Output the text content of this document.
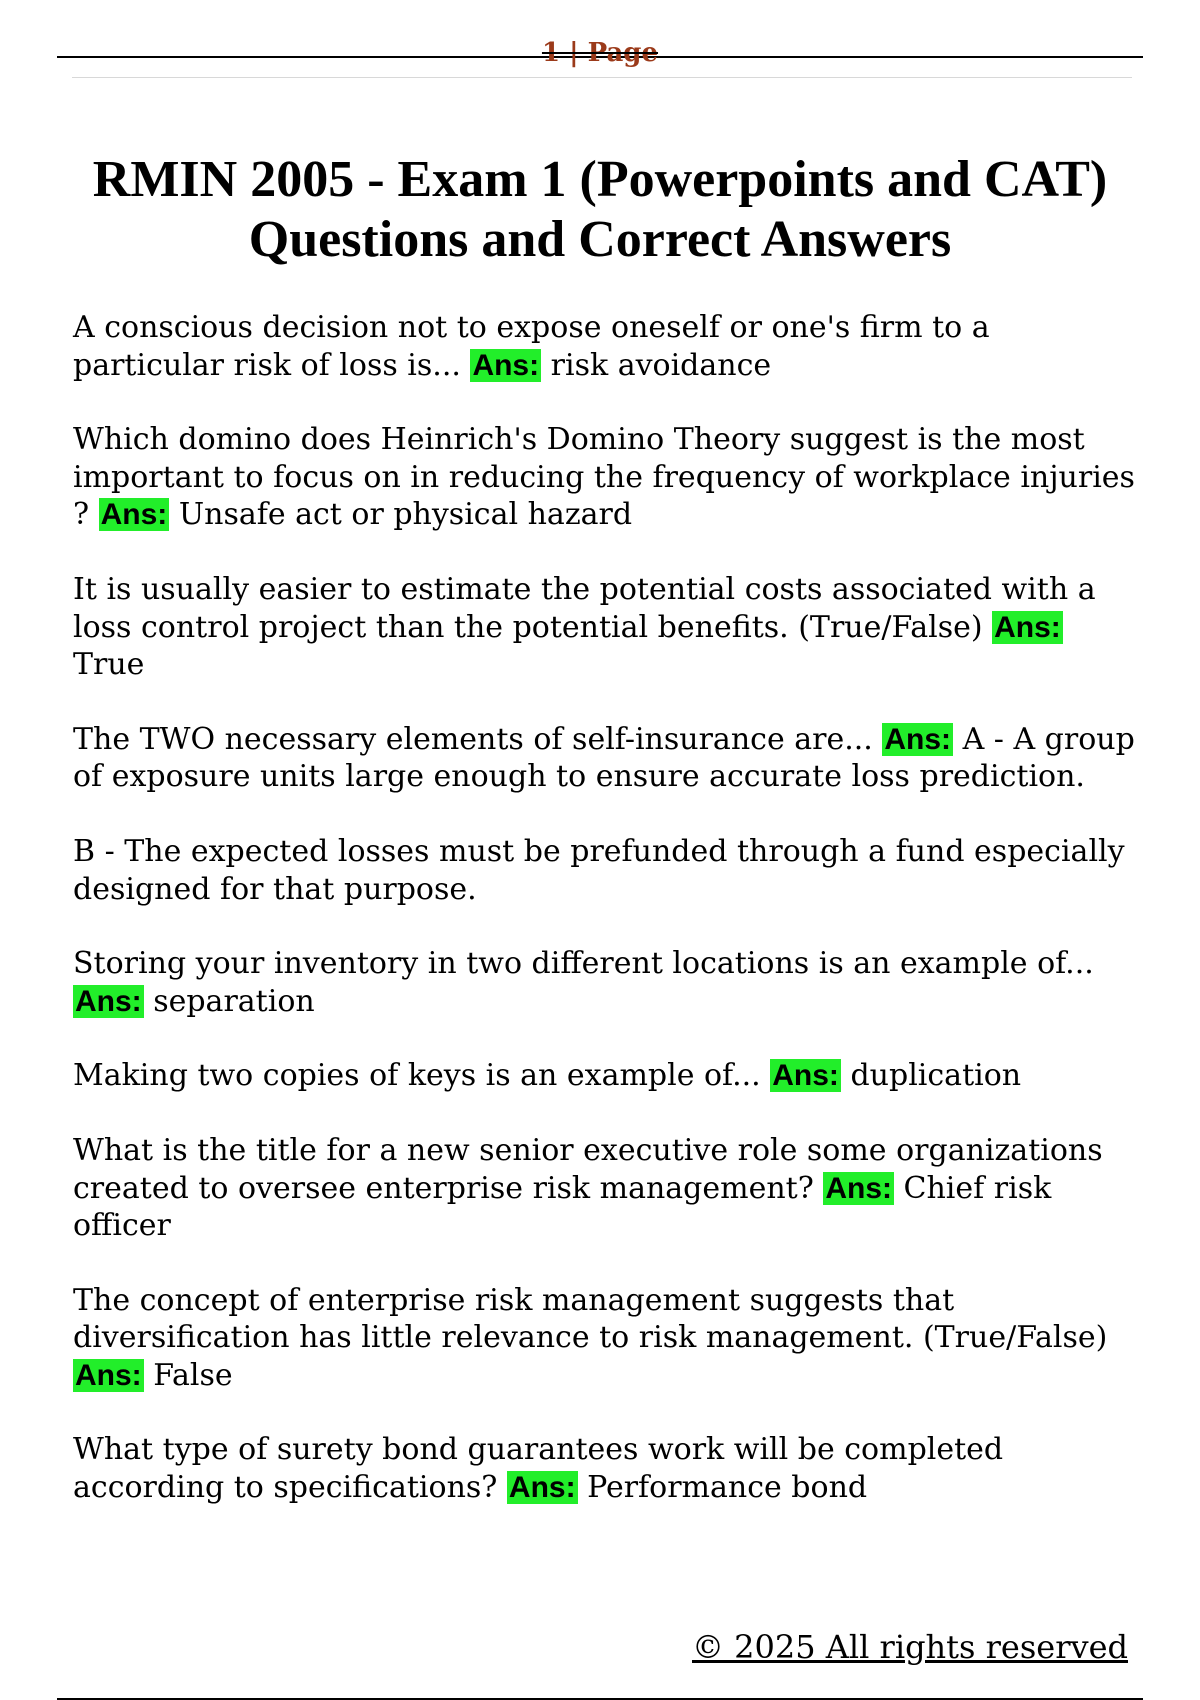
1 | Page
RMIN 2005 - Exam 1 (Powerpoints and CAT) Questions and Correct Answers

A conscious decision not to expose oneself or one's firm to a particular risk of loss is... Ans: risk avoidance

Which domino does Heinrich's Domino Theory suggest is the most important to focus on in reducing the frequency of workplace injuries ? Ans: Unsafe act or physical hazard

It is usually easier to estimate the potential costs associated with a loss control project than the potential benefits. (True/False) Ans: True

The TWO necessary elements of self-insurance are... Ans: A - A group of exposure units large enough to ensure accurate loss prediction.

B - The expected losses must be prefunded through a fund especially designed for that purpose.

Storing your inventory in two different locations is an example of... Ans: separation

Making two copies of keys is an example of... Ans: duplication

What is the title for a new senior executive role some organizations created to oversee enterprise risk management? Ans: Chief risk officer

The concept of enterprise risk management suggests that diversification has little relevance to risk management. (True/False) Ans: False

What type of surety bond guarantees work will be completed according to specifications? Ans: Performance bond

© 2025 All rights reserved
